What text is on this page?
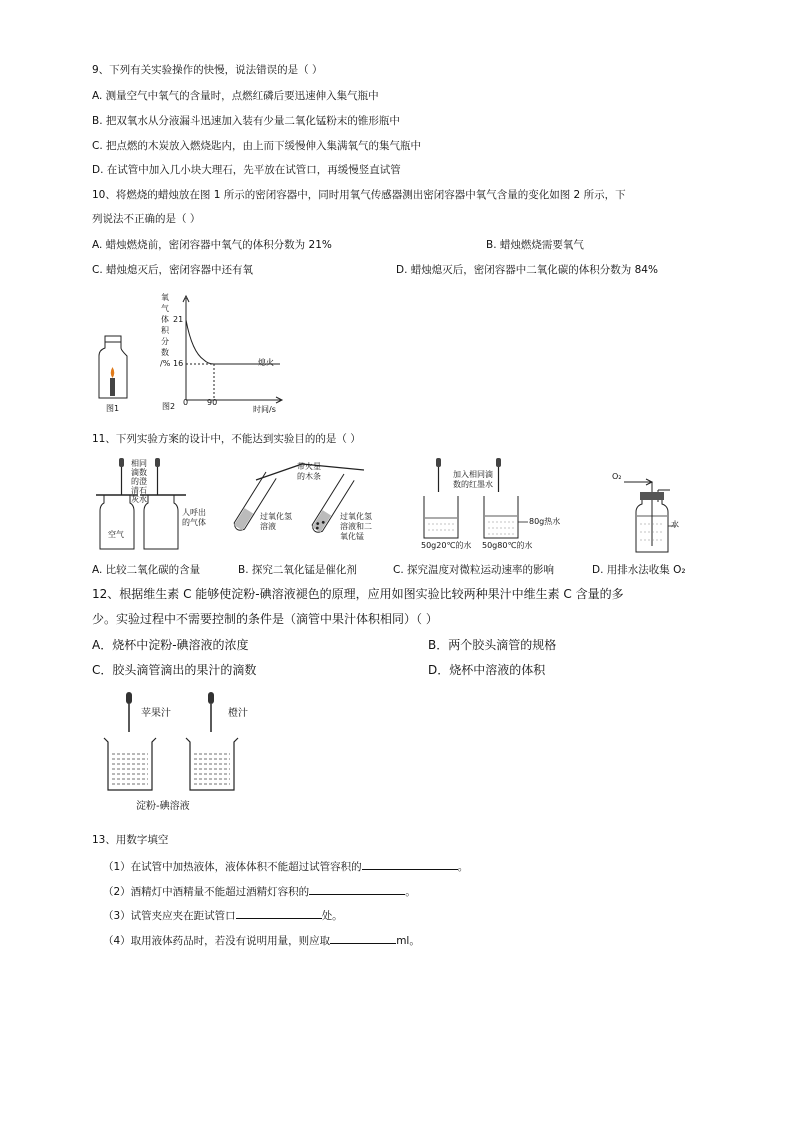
9、下列有关实验操作的快慢，说法错误的是（ ）
A. 测量空气中氧气的含量时，点燃红磷后要迅速伸入集气瓶中
B. 把双氧水从分液漏斗迅速加入装有少量二氧化锰粉末的锥形瓶中
C. 把点燃的木炭放入燃烧匙内，由上而下缓慢伸入集满氧气的集气瓶中
D. 在试管中加入几小块大理石，先平放在试管口，再缓慢竖直试管
10、将燃烧的蜡烛放在图 1 所示的密闭容器中，同时用氧气传感器测出密闭容器中氧气含量的变化如图 2 所示，下
列说法不正确的是（ ）
A. 蜡烛燃烧前，密闭容器中氧气的体积分数为 21%	B. 蜡烛燃烧需要氧气
C. 蜡烛熄灭后，密闭容器中还有氧	D. 蜡烛熄灭后，密闭容器中二氧化碳的体积分数为 84%
图1
氧
气
体
积
分
数
/%
21
16
0 90
时间/s
熄火
图2
11、下列实验方案的设计中，不能达到实验目的的是（ ）
相同
滴数
的澄
清石
灰水
空气
人呼出
的气体
带火星
的木条
过氧化氢
溶液
过氧化氢
溶液和二
氧化锰
加入相同滴
数的红墨水
80g热水
50g20℃的水 50g80℃的水
O₂
水
A. 比较二氧化碳的含量	B. 探究二氧化锰是催化剂	C. 探究温度对微粒运动速率的影响	D. 用排水法收集 O₂
12、根据维生素 C 能够使淀粉-碘溶液褪色的原理，应用如图实验比较两种果汁中维生素 C 含量的多
少。实验过程中不需要控制的条件是（滴管中果汁体积相同）（ ）
A．烧杯中淀粉-碘溶液的浓度	B．两个胶头滴管的规格
C．胶头滴管滴出的果汁的滴数	D．烧杯中溶液的体积
苹果汁	橙汁
淀粉-碘溶液
13、用数字填空
（1）在试管中加热液体，液体体积不能超过试管容积的	。
（2）酒精灯中酒精量不能超过酒精灯容积的	。
（3）试管夹应夹在距试管口	处。
（4）取用液体药品时，若没有说明用量，则应取	ml。
